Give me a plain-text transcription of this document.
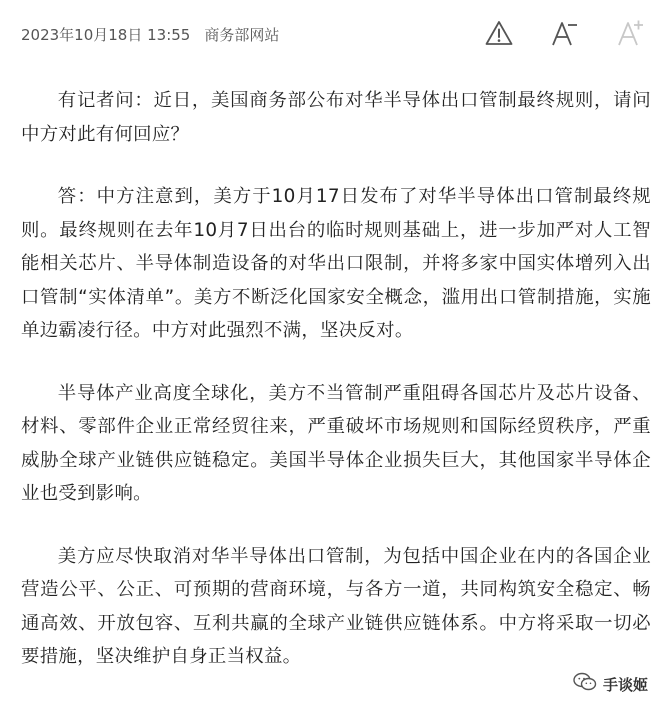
2023年10月18日 13:55 商务部网站

有记者问：近日，美国商务部公布对华半导体出口管制最终规则，请问中方对此有何回应？

答：中方注意到，美方于10月17日发布了对华半导体出口管制最终规则。最终规则在去年10月7日出台的临时规则基础上，进一步加严对人工智能相关芯片、半导体制造设备的对华出口限制，并将多家中国实体增列入出口管制“实体清单”。美方不断泛化国家安全概念，滥用出口管制措施，实施单边霸凌行径。中方对此强烈不满，坚决反对。

半导体产业高度全球化，美方不当管制严重阻碍各国芯片及芯片设备、材料、零部件企业正常经贸往来，严重破坏市场规则和国际经贸秩序，严重威胁全球产业链供应链稳定。美国半导体企业损失巨大，其他国家半导体企业也受到影响。

美方应尽快取消对华半导体出口管制，为包括中国企业在内的各国企业营造公平、公正、可预期的营商环境，与各方一道，共同构筑安全稳定、畅通高效、开放包容、互利共赢的全球产业链供应链体系。中方将采取一切必要措施，坚决维护自身正当权益。

手谈姬
